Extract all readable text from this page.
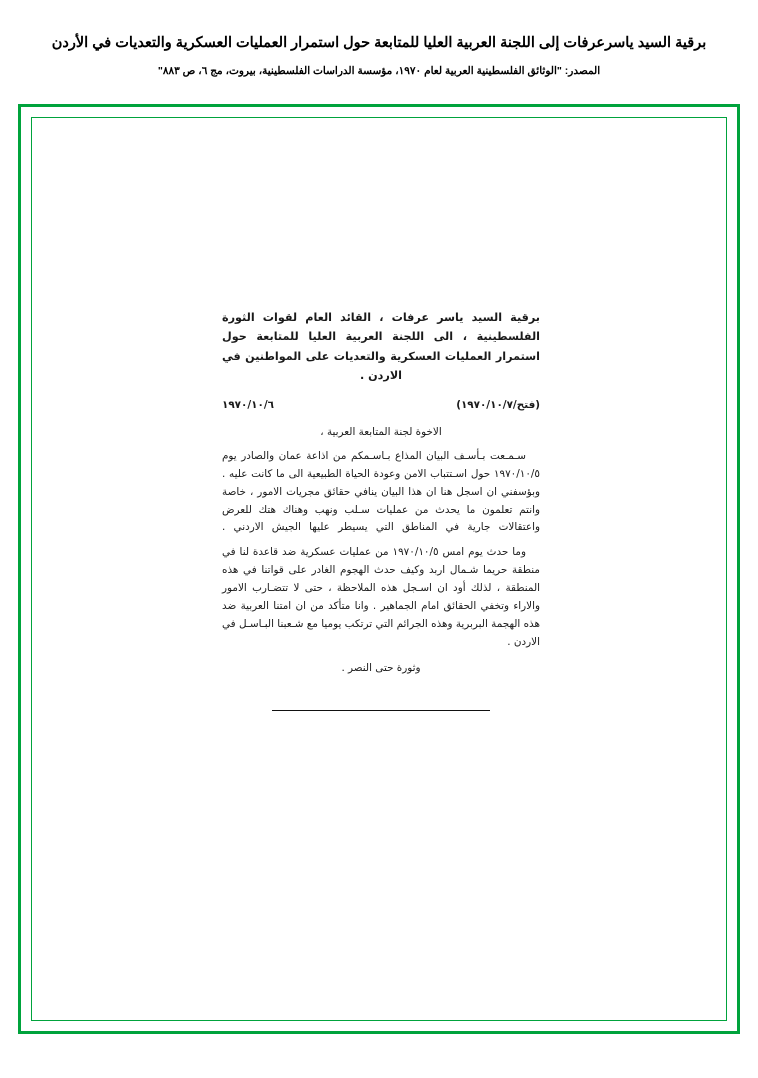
برقية السيد ياسرعرفات إلى اللجنة العربية العليا للمتابعة حول استمرار العمليات العسكرية والتعديات في الأردن
المصدر: "الوثائق الفلسطينية العربية لعام ١٩٧٠، مؤسسة الدراسات الفلسطينية، بيروت، مج ٦، ص ٨٨٣"
برقية السيد ياسر عرفات ، القائد العام لقوات الثورة الفلسطينية ، الى اللجنة العربية العليا للمتابعة حول استمرار العمليات العسكرية والتعديات على المواطنين في الاردن .
١٩٧٠/١٠/٦	(فتح/١٩٧٠/١٠/٧)
الاخوة لجنة المتابعة العربية ،

سـمـعت بـأسـف البيان المذاع بـاسـمكم من اذاعة عمان والصادر يوم ١٩٧٠/١٠/٥ حول اسـتتباب الامن وعودة الحياة الطبيعية الى ما كانت عليه . وبؤسفني ان اسجل هنا ان هذا البيان ينافي حقائق مجريات الامور ، خاصة وانتم تعلمون ما يحدث من عمليات سـلب ونهب وهناك هتك للعرض واعتقالات جارية في المناطق التي يسيطر عليها الجيش الاردني .

وما حدث يوم امس ١٩٧٠/١٠/٥ من عمليات عسكرية ضد قاعدة لنا في منطقة حريما شـمال اربد وكيف حدث الهجوم الغادر على قواتنا في هذه المنطقة ، لذلك أود ان اسـجل هذه الملاحظة ، حتى لا تتضـارب الامور والاراء وتخفي الحقائق امام الجماهير . وانا متأكد من ان امتنا العربية ضد هذه الهجمة البربرية وهذه الجرائم التي ترتكب يوميا مع شـعبنا البـاسـل في الاردن .

وثورة حتى النصر .
